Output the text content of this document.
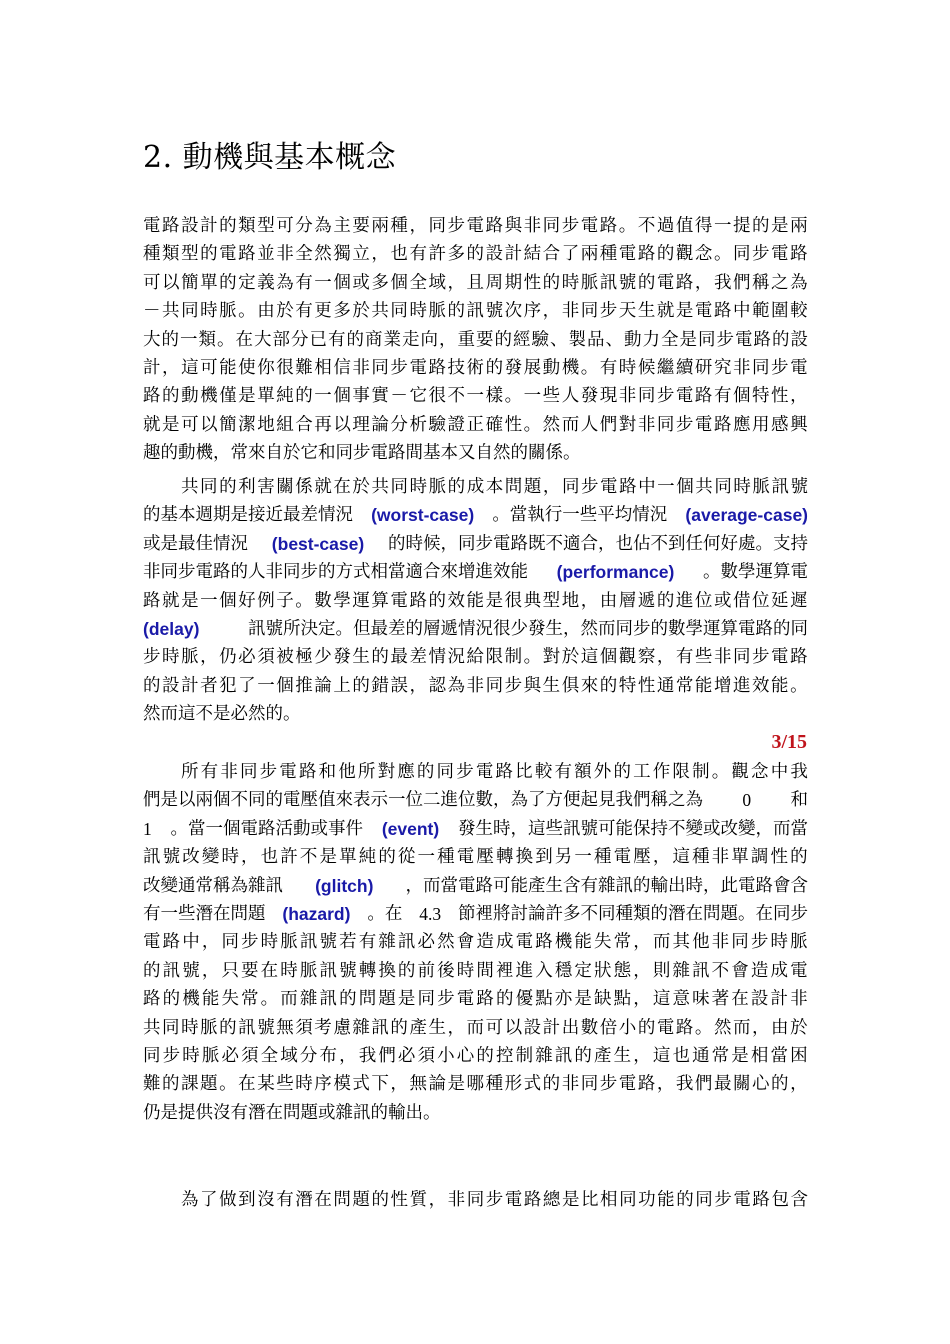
2. 動機與基本概念
電 路 設 計 的 類 型 可 分 為 主 要 兩 種 ， 同 步 電 路 與 非 同 步 電 路 。 不 過 值 得 一 提 的 是 兩
種 類 型 的 電 路 並 非 全 然 獨 立 ， 也 有 許 多 的 設 計 結 合 了 兩 種 電 路 的 觀 念 。 同 步 電 路
可 以 簡 單 的 定 義 為 有 一 個 或 多 個 全 域 ， 且 周 期 性 的 時 脈 訊 號 的 電 路 ， 我 們 稱 之 為
－ 共 同 時 脈 。 由 於 有 更 多 於 共 同 時 脈 的 訊 號 次 序 ， 非 同 步 天 生 就 是 電 路 中 範 圍 較
大 的 一 類 。 在 大 部 分 已 有 的 商 業 走 向 ， 重 要 的 經 驗 、 製 品 、 動 力 全 是 同 步 電 路 的 設
計 ， 這 可 能 使 你 很 難 相 信 非 同 步 電 路 技 術 的 發 展 動 機 。 有 時 候 繼 續 研 究 非 同 步 電
路 的 動 機 僅 是 單 純 的 一 個 事 實 － 它 很 不 一 樣 。 一 些 人 發 現 非 同 步 電 路 有 個 特 性 ，
就 是 可 以 簡 潔 地 組 合 再 以 理 論 分 析 驗 證 正 確 性 。 然 而 人 們 對 非 同 步 電 路 應 用 感 興
趣的動機，常來自於它和同步電路間基本又自然的關係。
共 同 的 利 害 關 係 就 在 於 共 同 時 脈 的 成 本 問 題 ， 同 步 電 路 中 一 個 共 同 時 脈 訊 號
的基本週期是接近最差情況 (worst-case) 。當執行一些平均情況 (average-case)
或是最佳情況 (best-case) 的時候，同步電路既不適合，也佔不到任何好處。支持
非同步電路的人非同步的方式相當適合來增進效能 (performance) 。數學運算電
路 就 是 一 個 好 例 子 。 數 學 運 算 電 路 的 效 能 是 很 典 型 地 ， 由 層 遞 的 進 位 或 借 位 延 遲
(delay)	訊號所決定。但最差的層遞情況很少發生，然而同步的數學運算電路的同
步 時 脈 ， 仍 必 須 被 極 少 發 生 的 最 差 情 況 給 限 制 。 對 於 這 個 觀 察 ， 有 些 非 同 步 電 路
的 設 計 者 犯 了 一 個 推 論 上 的 錯 誤 ， 認 為 非 同 步 與 生 俱 來 的 特 性 通 常 能 增 進 效 能 。
然而這不是必然的。
3/15
所 有 非 同 步 電 路 和 他 所 對 應 的 同 步 電 路 比 較 有 額 外 的 工 作 限 制 。 觀 念 中 我
們是以兩個不同的電壓值來表示一位二進位數，為了方便起見我們稱之為 0 和
1 。當一個電路活動或事件 (event) 發生時，這些訊號可能保持不變或改變，而當
訊 號 改 變 時 ， 也 許 不 是 單 純 的 從 一 種 電 壓 轉 換 到 另 一 種 電 壓 ， 這 種 非 單 調 性 的
改變通常稱為雜訊 (glitch) ，而當電路可能產生含有雜訊的輸出時，此電路會含
有一些潛在問題 (hazard) 。在 4.3 節裡將討論許多不同種類的潛在問題。在同步
電 路 中 ， 同 步 時 脈 訊 號 若 有 雜 訊 必 然 會 造 成 電 路 機 能 失 常 ， 而 其 他 非 同 步 時 脈
的 訊 號 ， 只 要 在 時 脈 訊 號 轉 換 的 前 後 時 間 裡 進 入 穩 定 狀 態 ， 則 雜 訊 不 會 造 成 電
路 的 機 能 失 常 。 而 雜 訊 的 問 題 是 同 步 電 路 的 優 點 亦 是 缺 點 ， 這 意 味 著 在 設 計 非
共 同 時 脈 的 訊 號 無 須 考 慮 雜 訊 的 產 生 ， 而 可 以 設 計 出 數 倍 小 的 電 路 。 然 而 ， 由 於
同 步 時 脈 必 須 全 域 分 布 ， 我 們 必 須 小 心 的 控 制 雜 訊 的 產 生 ， 這 也 通 常 是 相 當 困
難 的 課 題 。 在 某 些 時 序 模 式 下 ， 無 論 是 哪 種 形 式 的 非 同 步 電 路 ， 我 們 最 關 心 的 ，
仍是提供沒有潛在問題或雜訊的輸出。
為 了 做 到 沒 有 潛 在 問 題 的 性 質 ， 非 同 步 電 路 總 是 比 相 同 功 能 的 同 步 電 路 包 含
